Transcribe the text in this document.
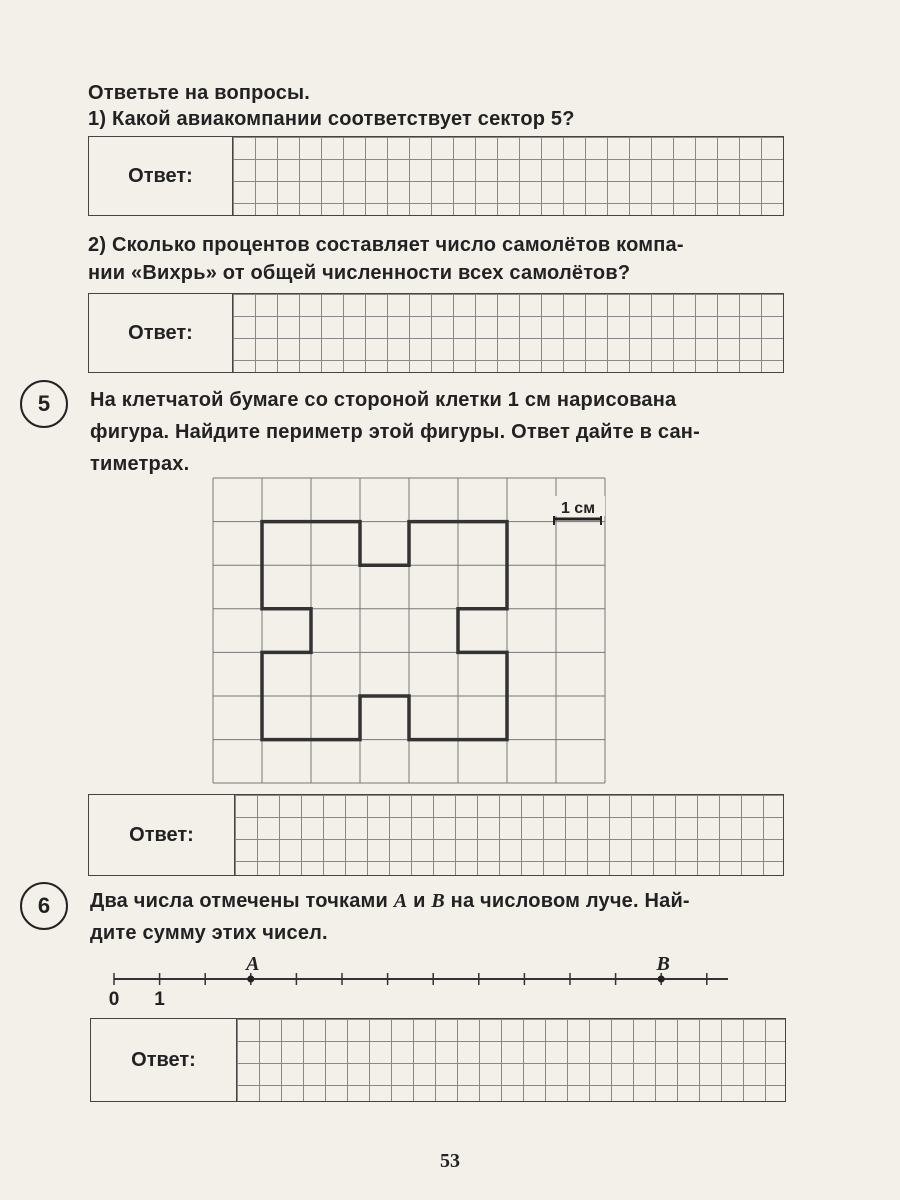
Ответьте на вопросы.
1) Какой авиакомпании соответствует сектор 5?
Ответ:
2) Сколько процентов составляет число самолётов компа-
нии «Вихрь» от общей численности всех самолётов?
Ответ:
5	На клетчатой бумаге со стороной клетки 1 см нарисована
фигура. Найдите периметр этой фигуры. Ответ дайте в сан-
тиметрах.
1 см
Ответ:
6	Два числа отмечены точками A и B на числовом луче. Най-
дите сумму этих чисел.
A	B
0 1
Ответ:
53
